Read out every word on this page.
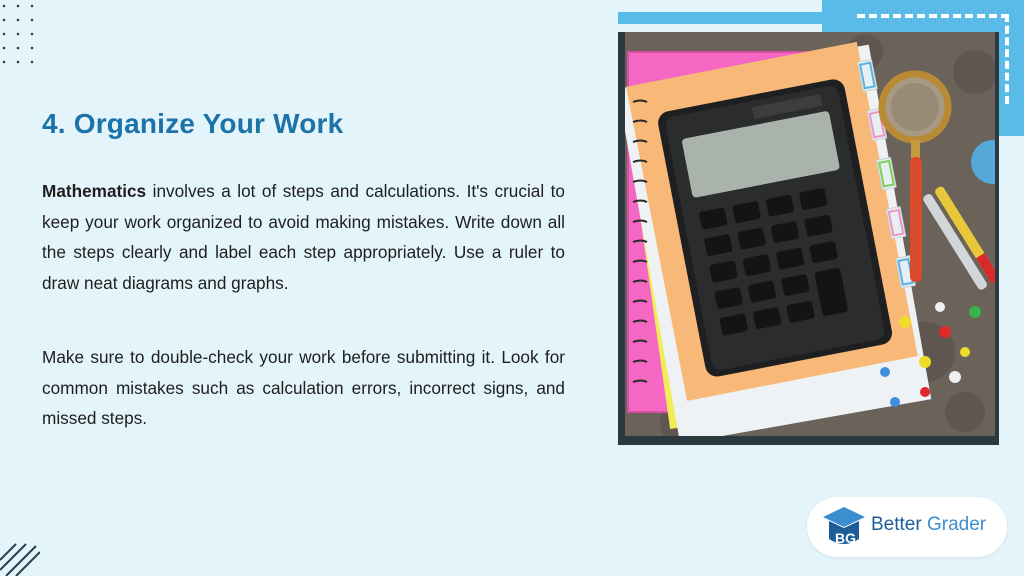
4. Organize Your Work

Mathematics involves a lot of steps and calculations. It's crucial to keep your work organized to avoid making mistakes. Write down all the steps clearly and label each step appropriately. Use a ruler to draw neat diagrams and graphs.

Make sure to double-check your work before submitting it. Look for common mistakes such as calculation errors, incorrect signs, and missed steps.

BG
Better Grader
